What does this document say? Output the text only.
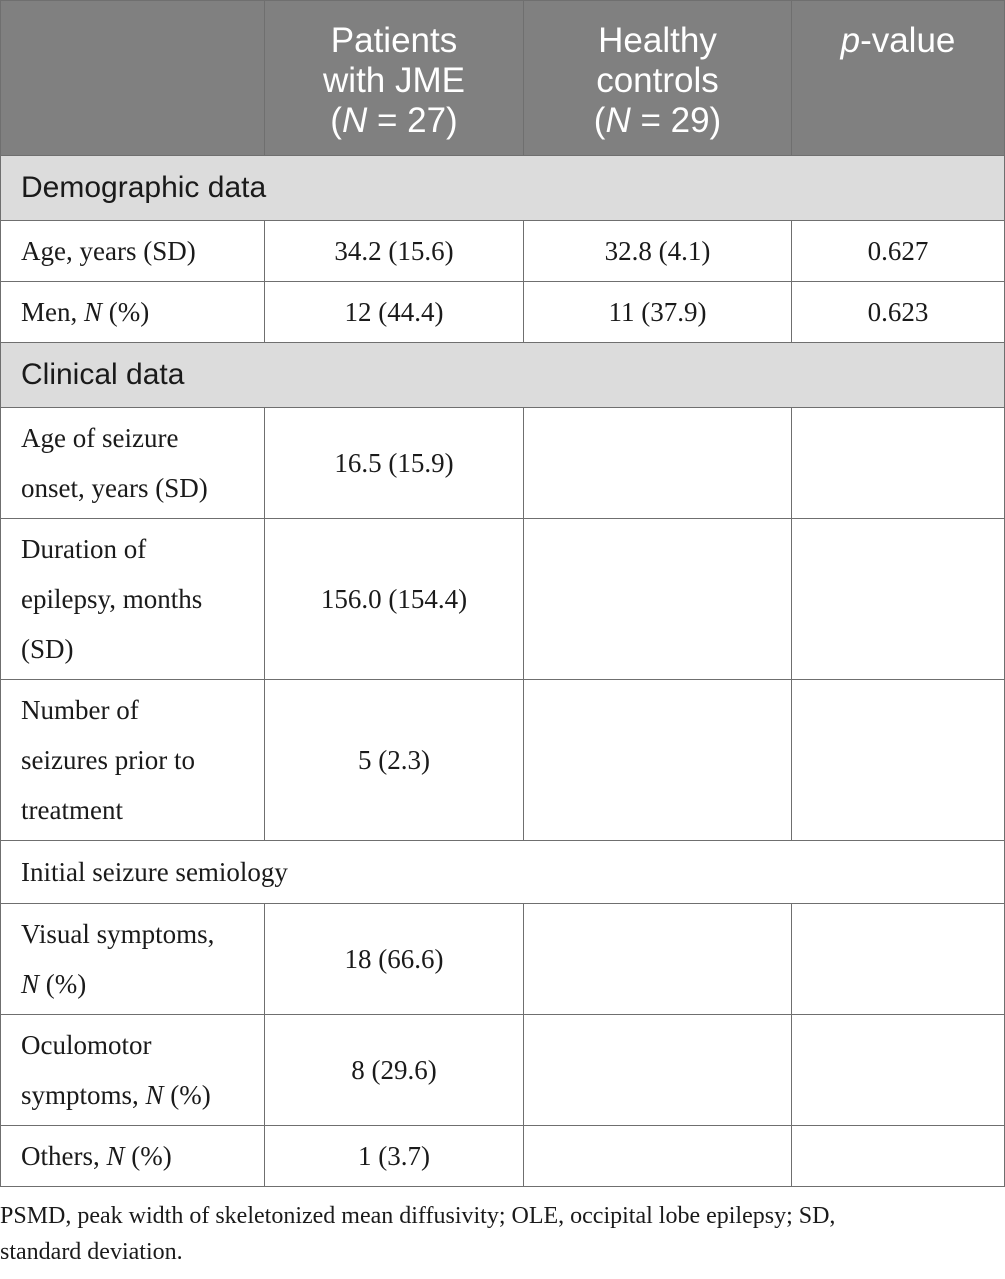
	Patients
with JME
(N = 27)	Healthy
controls
(N = 29)	p-value
Demographic data			
Age, years (SD)	34.2 (15.6)	32.8 (4.1)	0.627
Men, N (%)	12 (44.4)	11 (37.9)	0.623
Clinical data			
Age of seizure
onset, years (SD)	16.5 (15.9)		
Duration of
epilepsy, months
(SD)	156.0 (154.4)		
Number of
seizures prior to
treatment	5 (2.3)		
Initial seizure semiology			
Visual symptoms,
N (%)	18 (66.6)		
Oculomotor
symptoms, N (%)	8 (29.6)		
Others, N (%)	1 (3.7)		
PSMD, peak width of skeletonized mean diffusivity; OLE, occipital lobe epilepsy; SD,
standard deviation.
